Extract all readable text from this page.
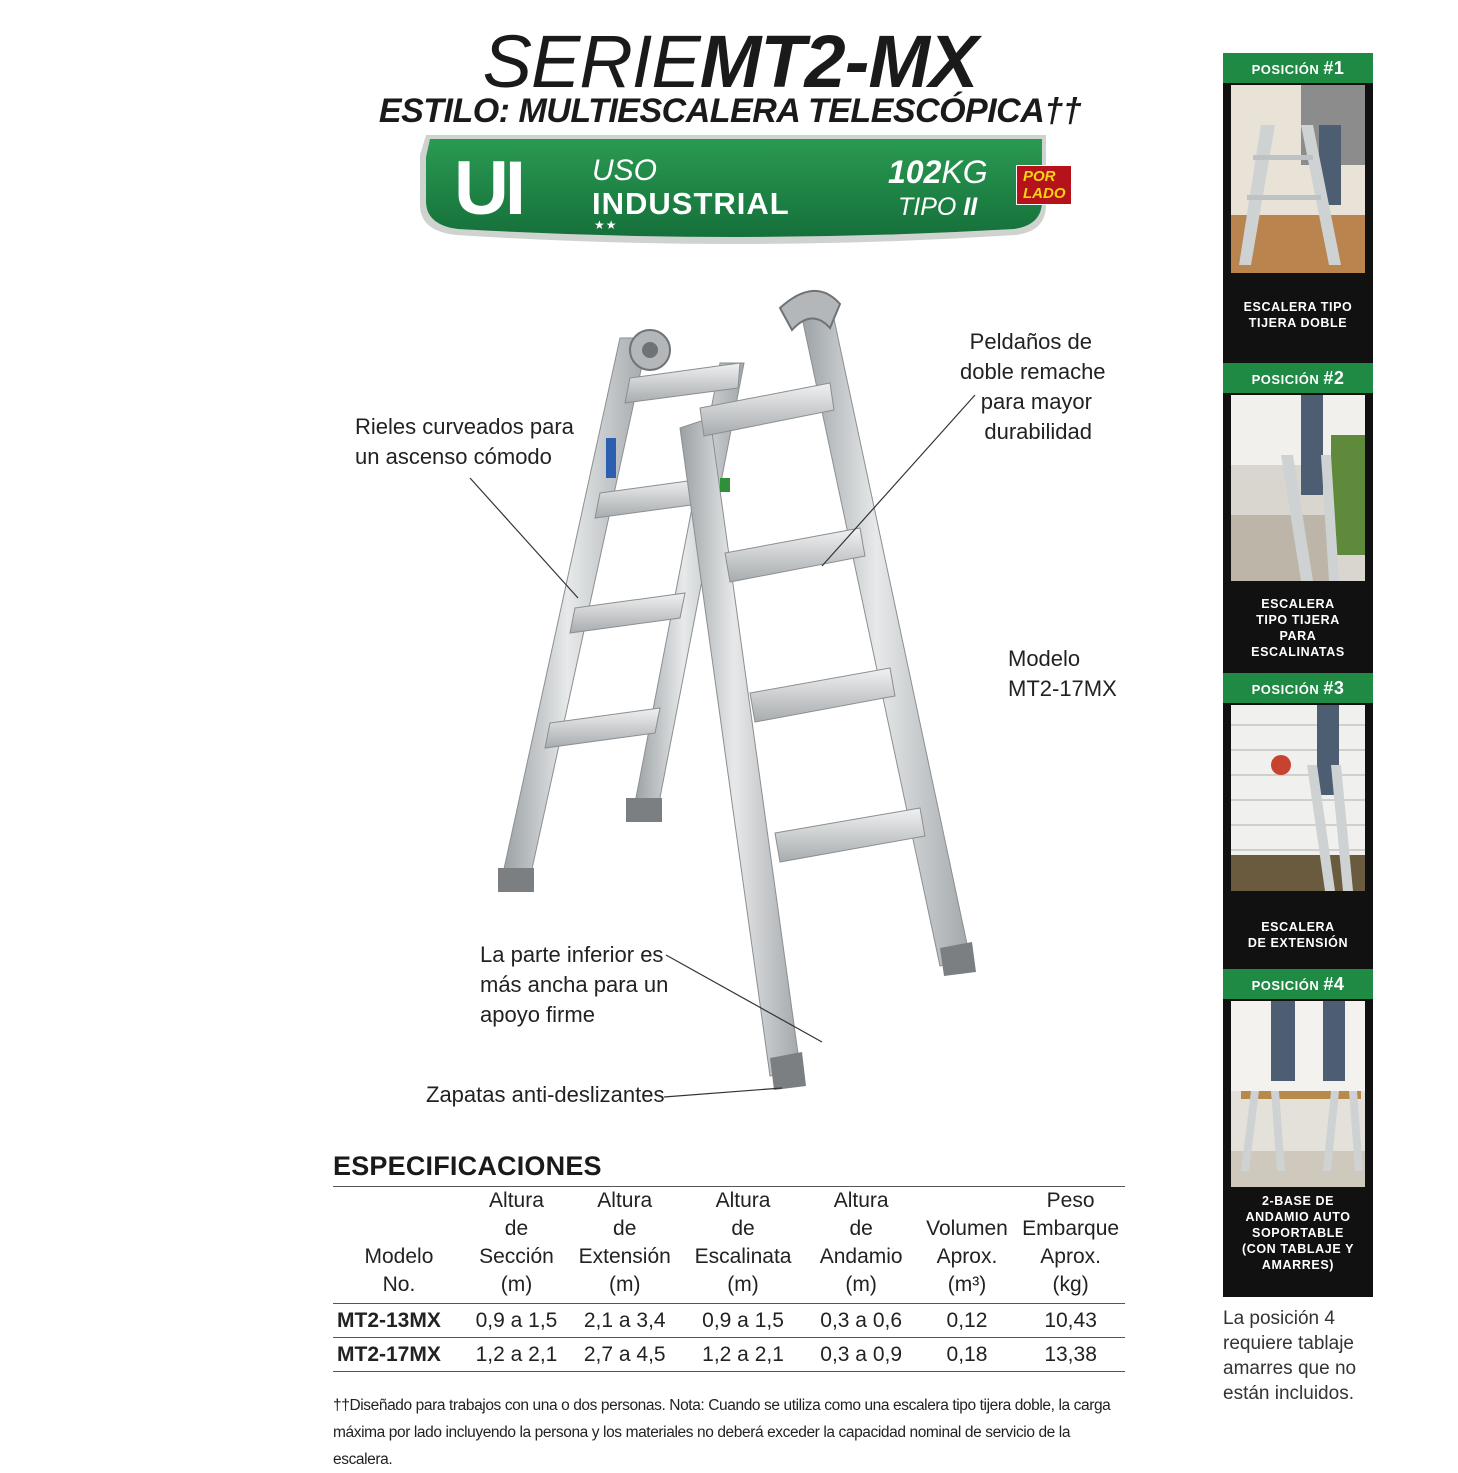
SERIEMT2-MX
ESTILO: MULTIESCALERA TELESCÓPICA††
UI USO
INDUSTRIAL
★★
102KG
TIPO II
POR LADO
Rieles curveados para
un ascenso cómodo
Peldaños de
doble remache
para mayor
durabilidad
Modelo
MT2-17MX
La parte inferior es
más ancha para un
apoyo firme
Zapatas anti-deslizantes
ESPECIFICACIONES

Modelo
No.	Altura
de
Sección
(m)	Altura
de
Extensión
(m)	Altura
de
Escalinata
(m)	Altura
de
Andamio
(m)	Volumen
Aprox.
(m³)	Peso
Embarque
Aprox.
(kg)
MT2-13MX	0,9 a 1,5	2,1 a 3,4	0,9 a 1,5	0,3 a 0,6	0,12	10,43
MT2-17MX	1,2 a 2,1	2,7 a 4,5	1,2 a 2,1	0,3 a 0,9	0,18	13,38
††Diseñado para trabajos con una o dos personas. Nota: Cuando se utiliza como una escalera tipo tijera doble, la carga
máxima por lado incluyendo la persona y los materiales no deberá exceder la capacidad nominal de servicio de la escalera.
POSICIÓN #1
ESCALERA TIPO
TIJERA DOBLE
POSICIÓN #2
ESCALERA
TIPO TIJERA
PARA
ESCALINATAS
POSICIÓN #3
ESCALERA
DE EXTENSIÓN
POSICIÓN #4
2-BASE DE
ANDAMIO AUTO
SOPORTABLE
(CON TABLAJE Y
AMARRES)
La posición 4
requiere tablaje
amarres que no
están incluidos.
